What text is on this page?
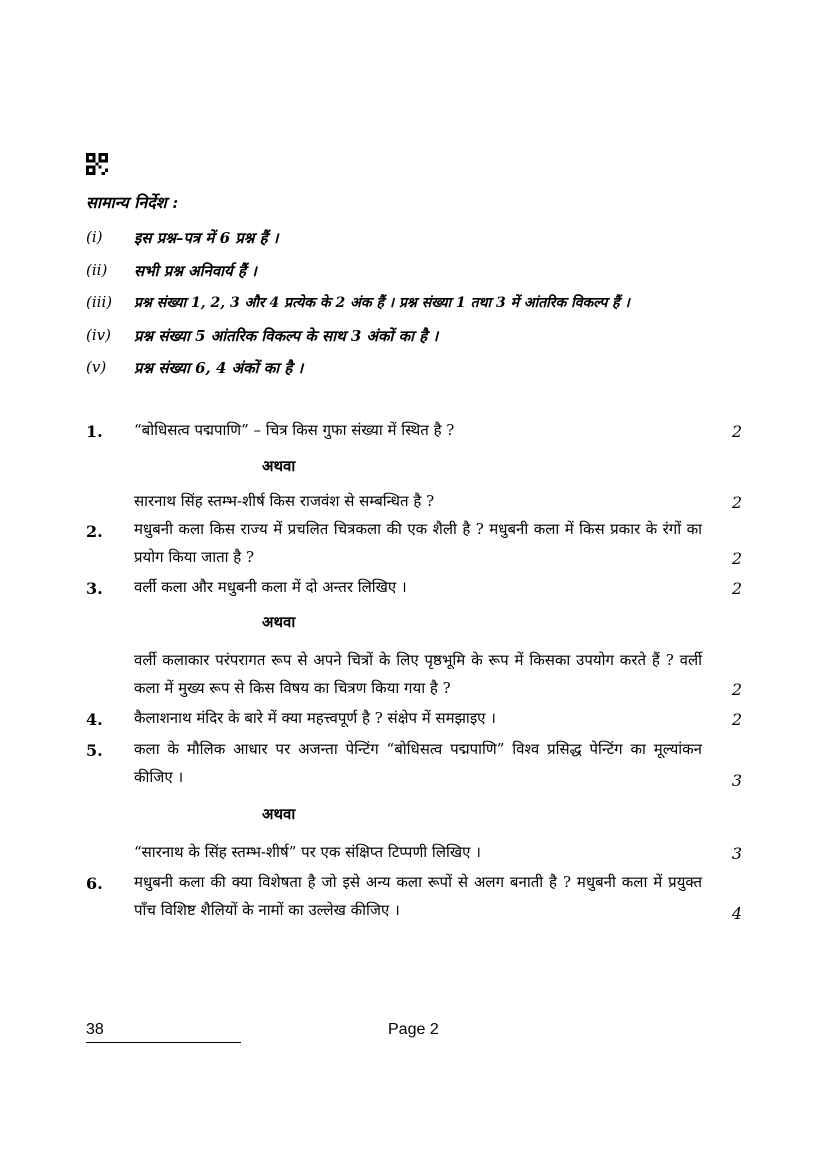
सामान्य निर्देश :
(i) इस प्रश्न–पत्र में 6 प्रश्न हैं ।
(ii) सभी प्रश्न अनिवार्य हैं ।
(iii) प्रश्न संख्या 1, 2, 3 और 4 प्रत्येक के 2 अंक हैं । प्रश्न संख्या 1 तथा 3 में आंतरिक विकल्प हैं ।
(iv) प्रश्न संख्या 5 आंतरिक विकल्प के साथ 3 अंकों का है ।
(v) प्रश्न संख्या 6, 4 अंकों का है ।
1. “बोधिसत्व पद्मपाणि” – चित्र किस गुफा संख्या में स्थित है ?	2
अथवा
सारनाथ सिंह स्तम्भ-शीर्ष किस राजवंश से सम्बन्धित है ?	2
2. मधुबनी कला किस राज्य में प्रचलित चित्रकला की एक शैली है ? मधुबनी कला में किस प्रकार के रंगों का प्रयोग किया जाता है ?	2
3. वर्ली कला और मधुबनी कला में दो अन्तर लिखिए ।	2
अथवा
वर्ली कलाकार परंपरागत रूप से अपने चित्रों के लिए पृष्ठभूमि के रूप में किसका उपयोग करते हैं ? वर्ली कला में मुख्य रूप से किस विषय का चित्रण किया गया है ?	2
4. कैलाशनाथ मंदिर के बारे में क्या महत्त्वपूर्ण है ? संक्षेप में समझाइए ।	2
5. कला के मौलिक आधार पर अजन्ता पेन्टिंग “बोधिसत्व पद्मपाणि” विश्व प्रसिद्ध पेन्टिंग का मूल्यांकन कीजिए ।	3
अथवा
“सारनाथ के सिंह स्तम्भ-शीर्ष” पर एक संक्षिप्त टिप्पणी लिखिए ।	3
6. मधुबनी कला की क्या विशेषता है जो इसे अन्य कला रूपों से अलग बनाती है ? मधुबनी कला में प्रयुक्त पाँच विशिष्ट शैलियों के नामों का उल्लेख कीजिए ।	4
38	Page 2
